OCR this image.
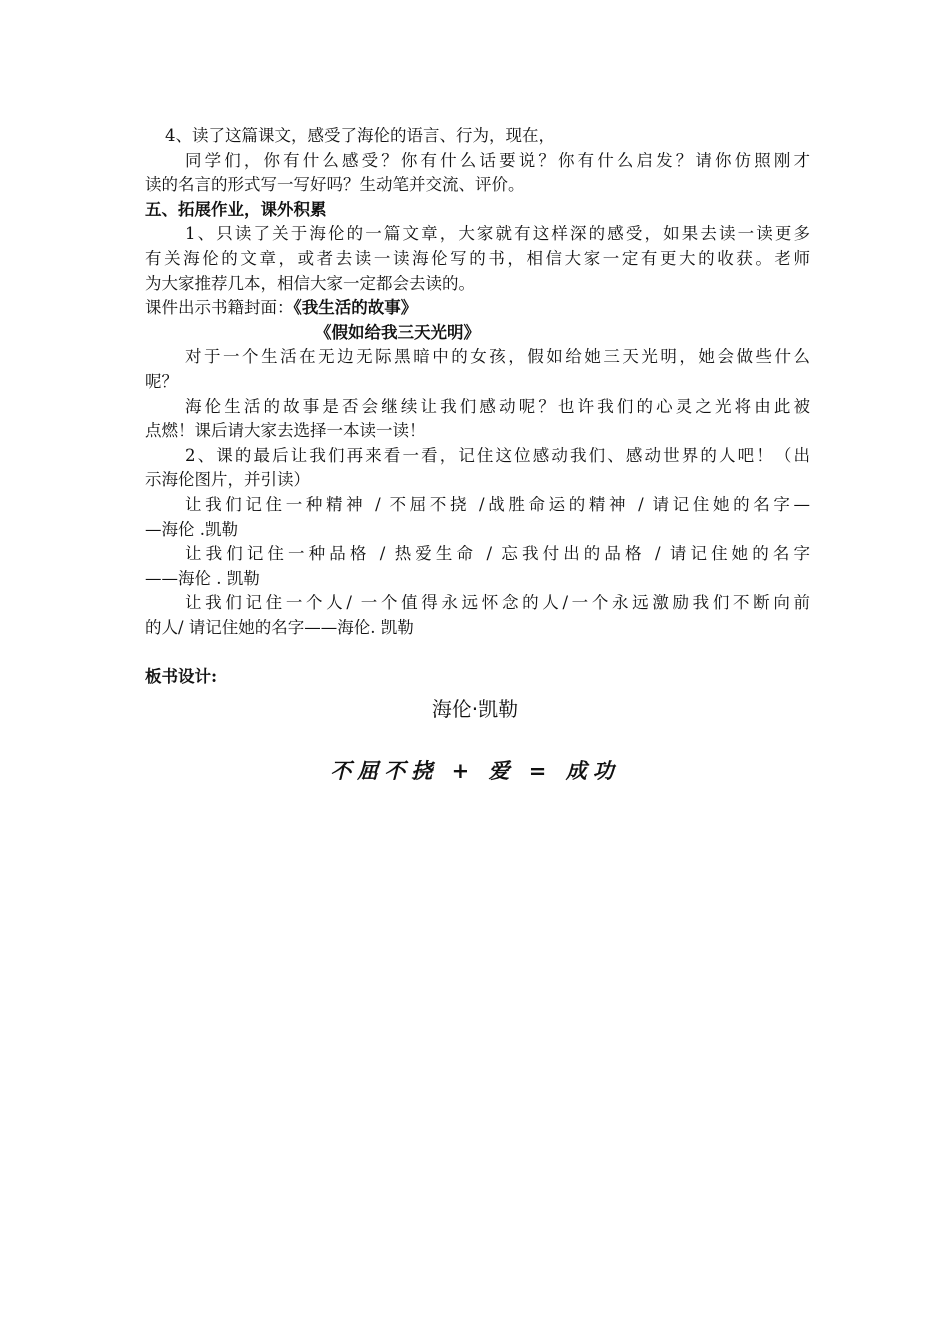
4、读了这篇课文，感受了海伦的语言、行为，现在，
同学们，你有什么感受？你有什么话要说？你有什么启发？请你仿照刚才
读的名言的形式写一写好吗？生动笔并交流、评价。
五、拓展作业，课外积累
1、只读了关于海伦的一篇文章，大家就有这样深的感受，如果去读一读更多
有关海伦的文章，或者去读一读海伦写的书，相信大家一定有更大的收获。老师
为大家推荐几本，相信大家一定都会去读的。
课件出示书籍封面：《我生活的故事》
《假如给我三天光明》
对于一个生活在无边无际黑暗中的女孩，假如给她三天光明，她会做些什么
呢？
海伦生活的故事是否会继续让我们感动呢？也许我们的心灵之光将由此被
点燃！课后请大家去选择一本读一读！
2、课的最后让我们再来看一看，记住这位感动我们、感动世界的人吧！（出
示海伦图片，并引读）
让我们记住一种精神 / 不屈不挠 /战胜命运的精神 / 请记住她的名字—
—海伦 .凯勒
让我们记住一种品格 / 热爱生命 / 忘我付出的品格 / 请记住她的名字
——海伦 . 凯勒
让我们记住一个人/ 一个值得永远怀念的人/一个永远激励我们不断向前
的人/ 请记住她的名字——海伦. 凯勒
板书设计:
海伦·凯勒
不屈不挠 + 爱 = 成功
